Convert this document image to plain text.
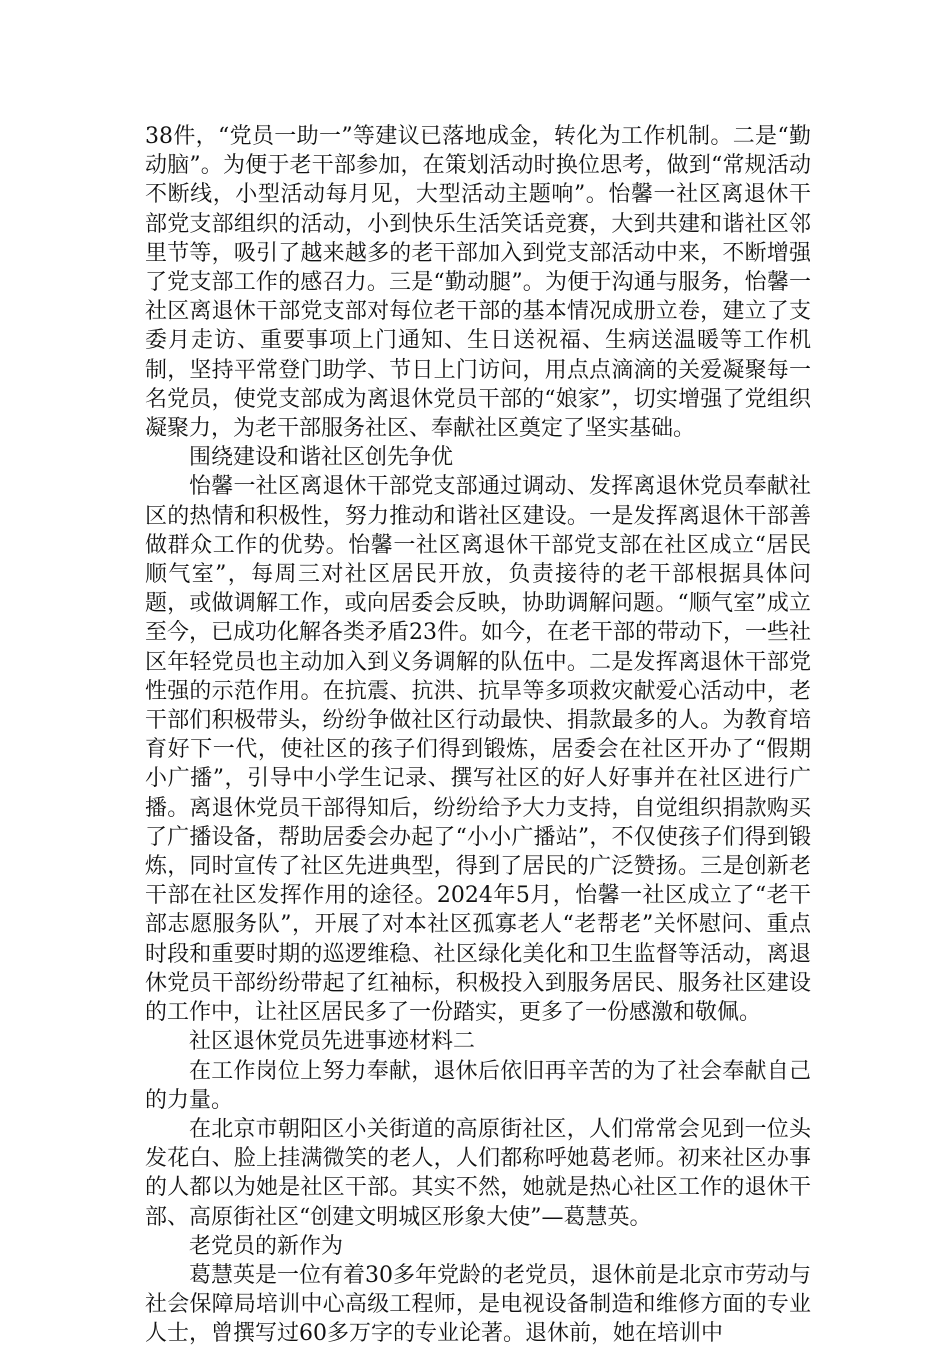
38件，“党员一助一”等建议已落地成金，转化为工作机制。二是“勤动脑”。为便于老干部参加，在策划活动时换位思考，做到“常规活动不断线，小型活动每月见，大型活动主题响”。怡馨一社区离退休干部党支部组织的活动，小到快乐生活笑话竞赛，大到共建和谐社区邻里节等，吸引了越来越多的老干部加入到党支部活动中来，不断增强了党支部工作的感召力。三是“勤动腿”。为便于沟通与服务，怡馨一社区离退休干部党支部对每位老干部的基本情况成册立卷，建立了支委月走访、重要事项上门通知、生日送祝福、生病送温暖等工作机制，坚持平常登门助学、节日上门访问，用点点滴滴的关爱凝聚每一名党员，使党支部成为离退休党员干部的“娘家”，切实增强了党组织凝聚力，为老干部服务社区、奉献社区奠定了坚实基础。

围绕建设和谐社区创先争优

怡馨一社区离退休干部党支部通过调动、发挥离退休党员奉献社区的热情和积极性，努力推动和谐社区建设。一是发挥离退休干部善做群众工作的优势。怡馨一社区离退休干部党支部在社区成立“居民顺气室”，每周三对社区居民开放，负责接待的老干部根据具体问题，或做调解工作，或向居委会反映，协助调解问题。“顺气室”成立至今，已成功化解各类矛盾23件。如今，在老干部的带动下，一些社区年轻党员也主动加入到义务调解的队伍中。二是发挥离退休干部党性强的示范作用。在抗震、抗洪、抗旱等多项救灾献爱心活动中，老干部们积极带头，纷纷争做社区行动最快、捐款最多的人。为教育培育好下一代，使社区的孩子们得到锻炼，居委会在社区开办了“假期小广播”，引导中小学生记录、撰写社区的好人好事并在社区进行广播。离退休党员干部得知后，纷纷给予大力支持，自觉组织捐款购买了广播设备，帮助居委会办起了“小小广播站”，不仅使孩子们得到锻炼，同时宣传了社区先进典型，得到了居民的广泛赞扬。三是创新老干部在社区发挥作用的途径。2024年5月，怡馨一社区成立了“老干部志愿服务队”，开展了对本社区孤寡老人“老帮老”关怀慰问、重点时段和重要时期的巡逻维稳、社区绿化美化和卫生监督等活动，离退休党员干部纷纷带起了红袖标，积极投入到服务居民、服务社区建设的工作中，让社区居民多了一份踏实，更多了一份感激和敬佩。

社区退休党员先进事迹材料二

在工作岗位上努力奉献，退休后依旧再辛苦的为了社会奉献自己的力量。

在北京市朝阳区小关街道的高原街社区，人们常常会见到一位头发花白、脸上挂满微笑的老人，人们都称呼她葛老师。初来社区办事的人都以为她是社区干部。其实不然，她就是热心社区工作的退休干部、高原街社区“创建文明城区形象大使”—葛慧英。

老党员的新作为

葛慧英是一位有着30多年党龄的老党员，退休前是北京市劳动与社会保障局培训中心高级工程师，是电视设备制造和维修方面的专业人士，曾撰写过60多万字的专业论著。退休前，她在培训中
